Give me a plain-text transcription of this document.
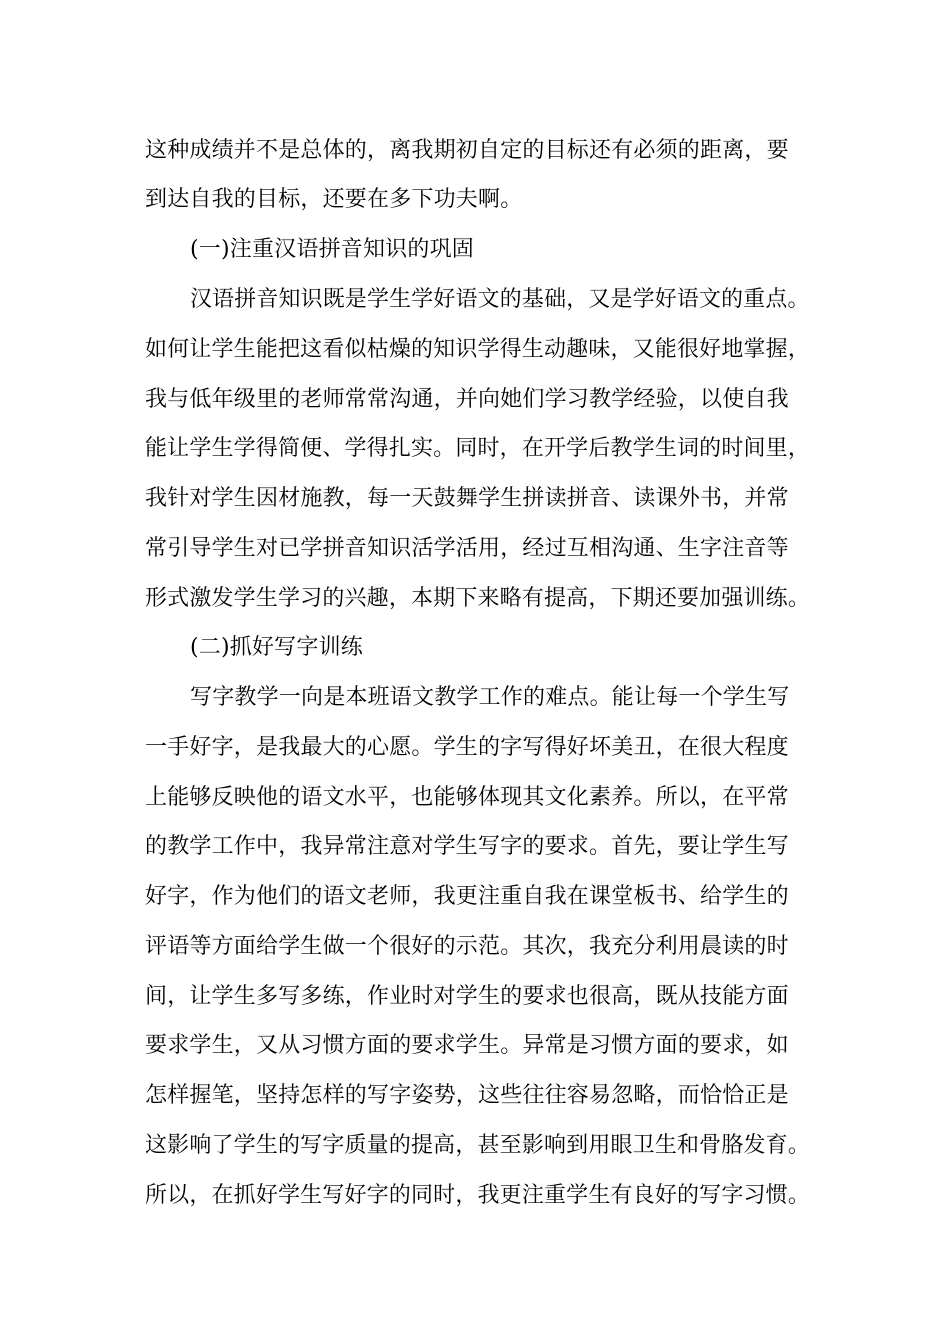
这种成绩并不是总体的，离我期初自定的目标还有必须的距离，要
到达自我的目标，还要在多下功夫啊。
(一)注重汉语拼音知识的巩固
汉语拼音知识既是学生学好语文的基础，又是学好语文的重点。
如何让学生能把这看似枯燥的知识学得生动趣味，又能很好地掌握，
我与低年级里的老师常常沟通，并向她们学习教学经验，以使自我
能让学生学得简便、学得扎实。同时，在开学后教学生词的时间里，
我针对学生因材施教，每一天鼓舞学生拼读拼音、读课外书，并常
常引导学生对已学拼音知识活学活用，经过互相沟通、生字注音等
形式激发学生学习的兴趣，本期下来略有提高，下期还要加强训练。
(二)抓好写字训练
写字教学一向是本班语文教学工作的难点。能让每一个学生写
一手好字，是我最大的心愿。学生的字写得好坏美丑，在很大程度
上能够反映他的语文水平，也能够体现其文化素养。所以，在平常
的教学工作中，我异常注意对学生写字的要求。首先，要让学生写
好字，作为他们的语文老师，我更注重自我在课堂板书、给学生的
评语等方面给学生做一个很好的示范。其次，我充分利用晨读的时
间，让学生多写多练，作业时对学生的要求也很高，既从技能方面
要求学生，又从习惯方面的要求学生。异常是习惯方面的要求，如
怎样握笔，坚持怎样的写字姿势，这些往往容易忽略，而恰恰正是
这影响了学生的写字质量的提高，甚至影响到用眼卫生和骨胳发育。
所以，在抓好学生写好字的同时，我更注重学生有良好的写字习惯。
